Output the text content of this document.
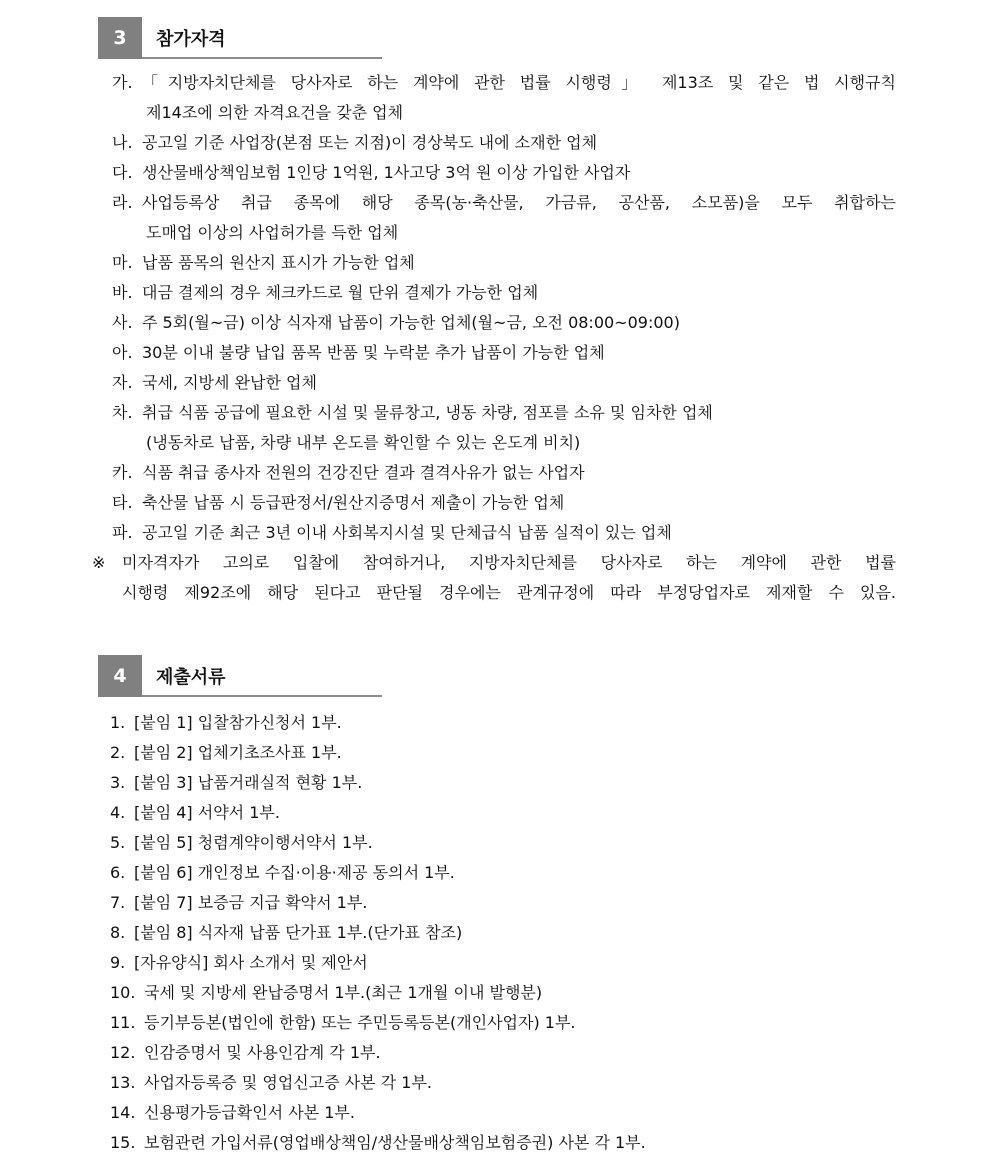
3	참가자격
가. 「지방자치단체를 당사자로 하는 계약에 관한 법률 시행령」 제13조 및 같은 법 시행규칙
제14조에 의한 자격요건을 갖춘 업체
나. 공고일 기준 사업장(본점 또는 지점)이 경상북도 내에 소재한 업체
다. 생산물배상책임보험 1인당 1억원, 1사고당 3억 원 이상 가입한 사업자
라. 사업등록상 취급 종목에 해당 종목(농·축산물, 가금류, 공산품, 소모품)을 모두 취합하는
도매업 이상의 사업허가를 득한 업체
마. 납품 품목의 원산지 표시가 가능한 업체
바. 대금 결제의 경우 체크카드로 월 단위 결제가 가능한 업체
사. 주 5회(월~금) 이상 식자재 납품이 가능한 업체(월~금, 오전 08:00~09:00)
아. 30분 이내 불량 납입 품목 반품 및 누락분 추가 납품이 가능한 업체
자. 국세, 지방세 완납한 업체
차. 취급 식품 공급에 필요한 시설 및 물류창고, 냉동 차량, 점포를 소유 및 임차한 업체
(냉동차로 납품, 차량 내부 온도를 확인할 수 있는 온도계 비치)
카. 식품 취급 종사자 전원의 건강진단 결과 결격사유가 없는 사업자
타. 축산물 납품 시 등급판정서/원산지증명서 제출이 가능한 업체
파. 공고일 기준 최근 3년 이내 사회복지시설 및 단체급식 납품 실적이 있는 업체
※ 미자격자가 고의로 입찰에 참여하거나, 지방자치단체를 당사자로 하는 계약에 관한 법률
시행령 제92조에 해당 된다고 판단될 경우에는 관계규정에 따라 부정당업자로 제재할 수 있음.
4	제출서류
1. [붙임 1] 입찰참가신청서 1부.
2. [붙임 2] 업체기초조사표 1부.
3. [붙임 3] 납품거래실적 현황 1부.
4. [붙임 4] 서약서 1부.
5. [붙임 5] 청렴계약이행서약서 1부.
6. [붙임 6] 개인정보 수집·이용·제공 동의서 1부.
7. [붙임 7] 보증금 지급 확약서 1부.
8. [붙임 8] 식자재 납품 단가표 1부.(단가표 참조)
9. [자유양식] 회사 소개서 및 제안서
10. 국세 및 지방세 완납증명서 1부.(최근 1개월 이내 발행분)
11. 등기부등본(법인에 한함) 또는 주민등록등본(개인사업자) 1부.
12. 인감증명서 및 사용인감계 각 1부.
13. 사업자등록증 및 영업신고증 사본 각 1부.
14. 신용평가등급확인서 사본 1부.
15. 보험관련 가입서류(영업배상책임/생산물배상책임보험증권) 사본 각 1부.
